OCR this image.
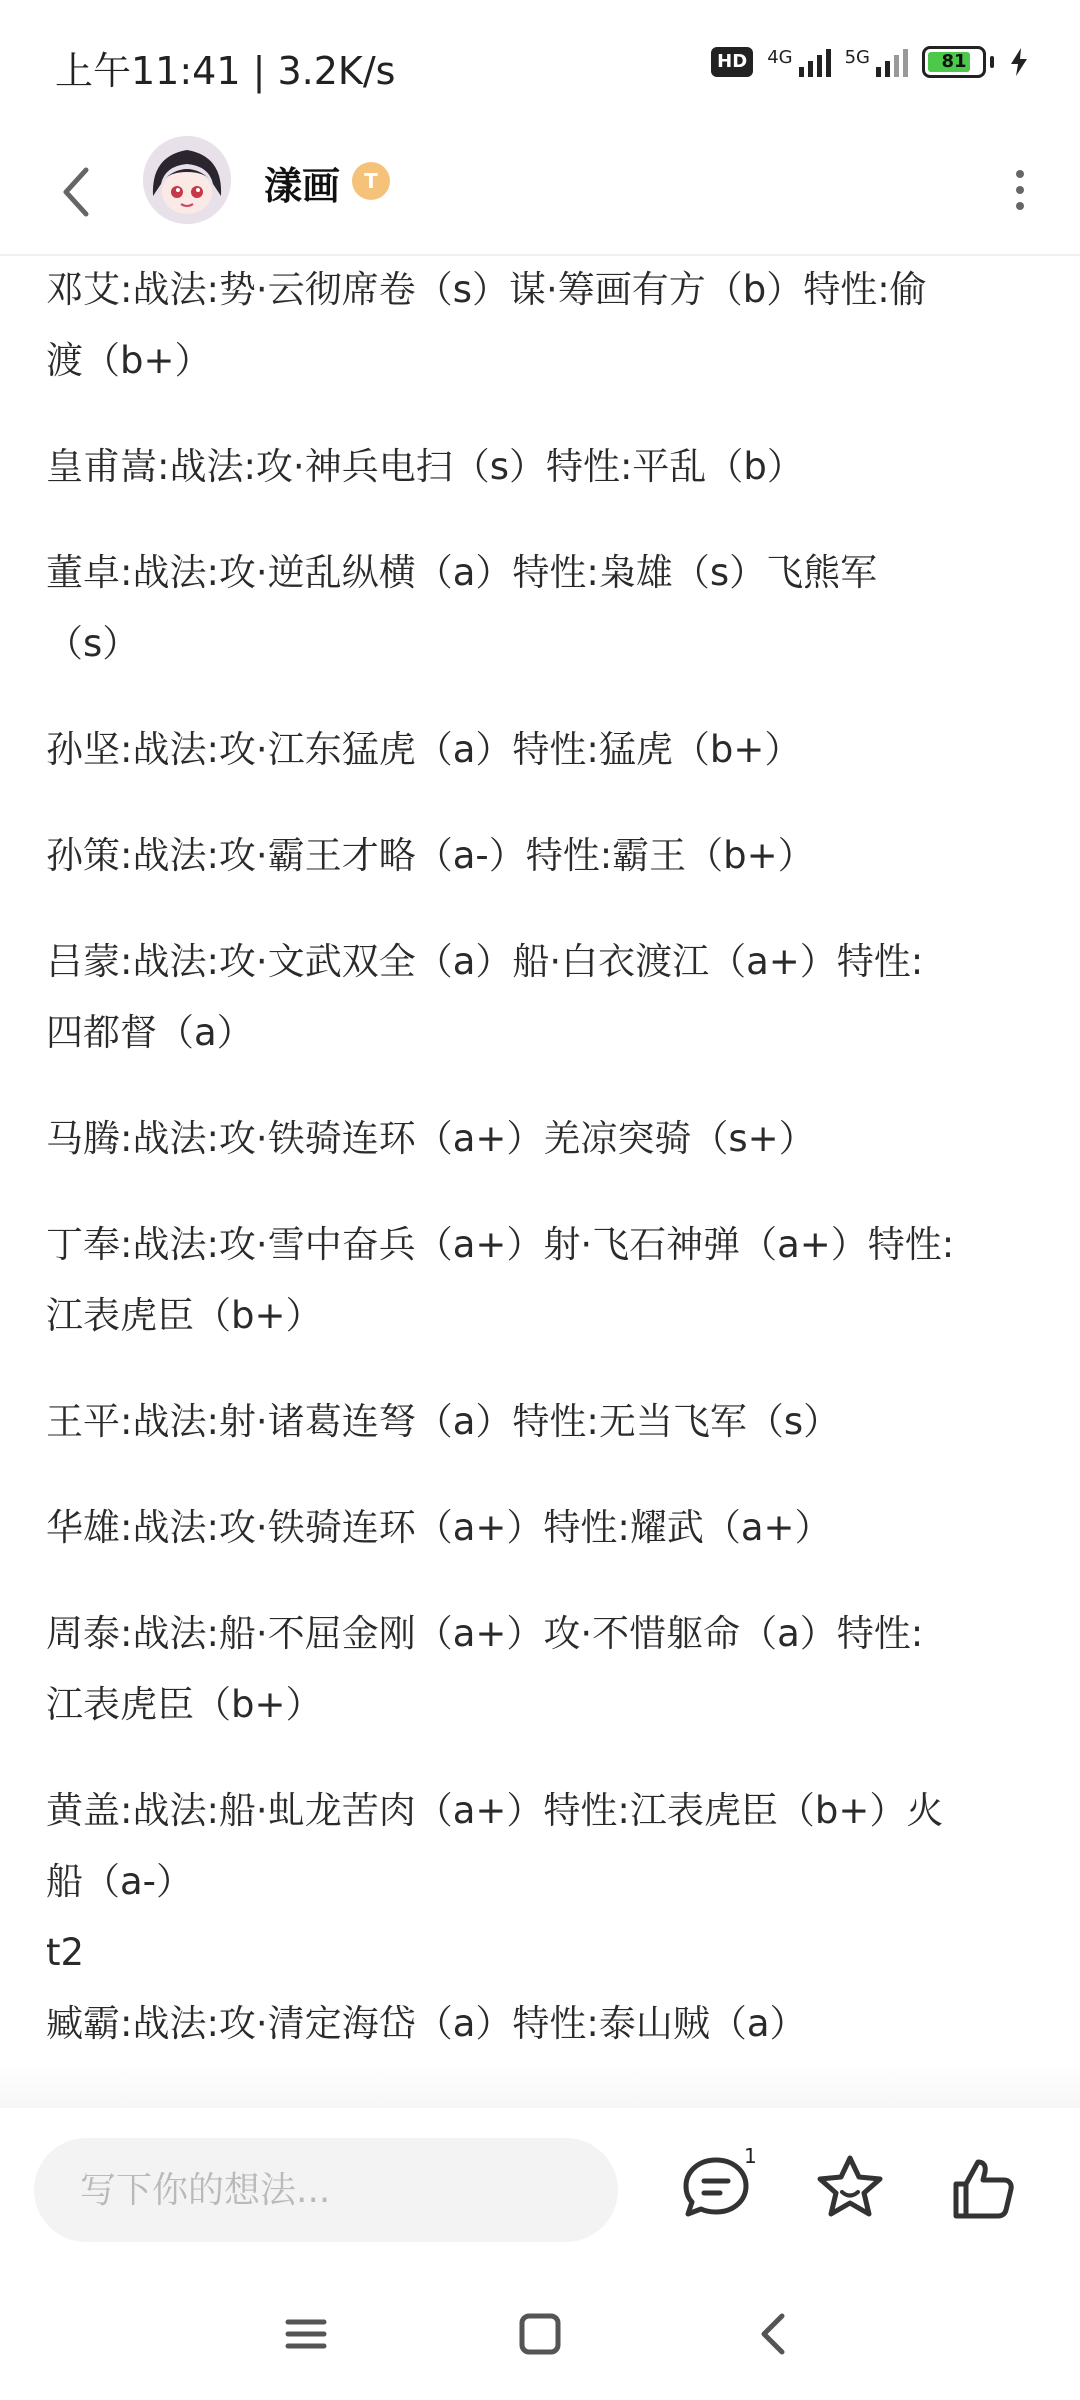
上午11:41 | 3.2K/s	HD	4G	5G	81
漾画	T
邓艾:战法:势·云彻席卷（s）谋·筹画有方（b）特性:偷
渡（b+）
皇甫嵩:战法:攻·神兵电扫（s）特性:平乱（b）
董卓:战法:攻·逆乱纵横（a）特性:枭雄（s）飞熊军
（s）
孙坚:战法:攻·江东猛虎（a）特性:猛虎（b+）
孙策:战法:攻·霸王才略（a-）特性:霸王（b+）
吕蒙:战法:攻·文武双全（a）船·白衣渡江（a+）特性:
四都督（a）
马腾:战法:攻·铁骑连环（a+）羌凉突骑（s+）
丁奉:战法:攻·雪中奋兵（a+）射·飞石神弹（a+）特性:
江表虎臣（b+）
王平:战法:射·诸葛连弩（a）特性:无当飞军（s）
华雄:战法:攻·铁骑连环（a+）特性:耀武（a+）
周泰:战法:船·不屈金刚（a+）攻·不惜躯命（a）特性:
江表虎臣（b+）
黄盖:战法:船·虬龙苦肉（a+）特性:江表虎臣（b+）火
船（a-）
t2
臧霸:战法:攻·清定海岱（a）特性:泰山贼（a）
写下你的想法...
1
